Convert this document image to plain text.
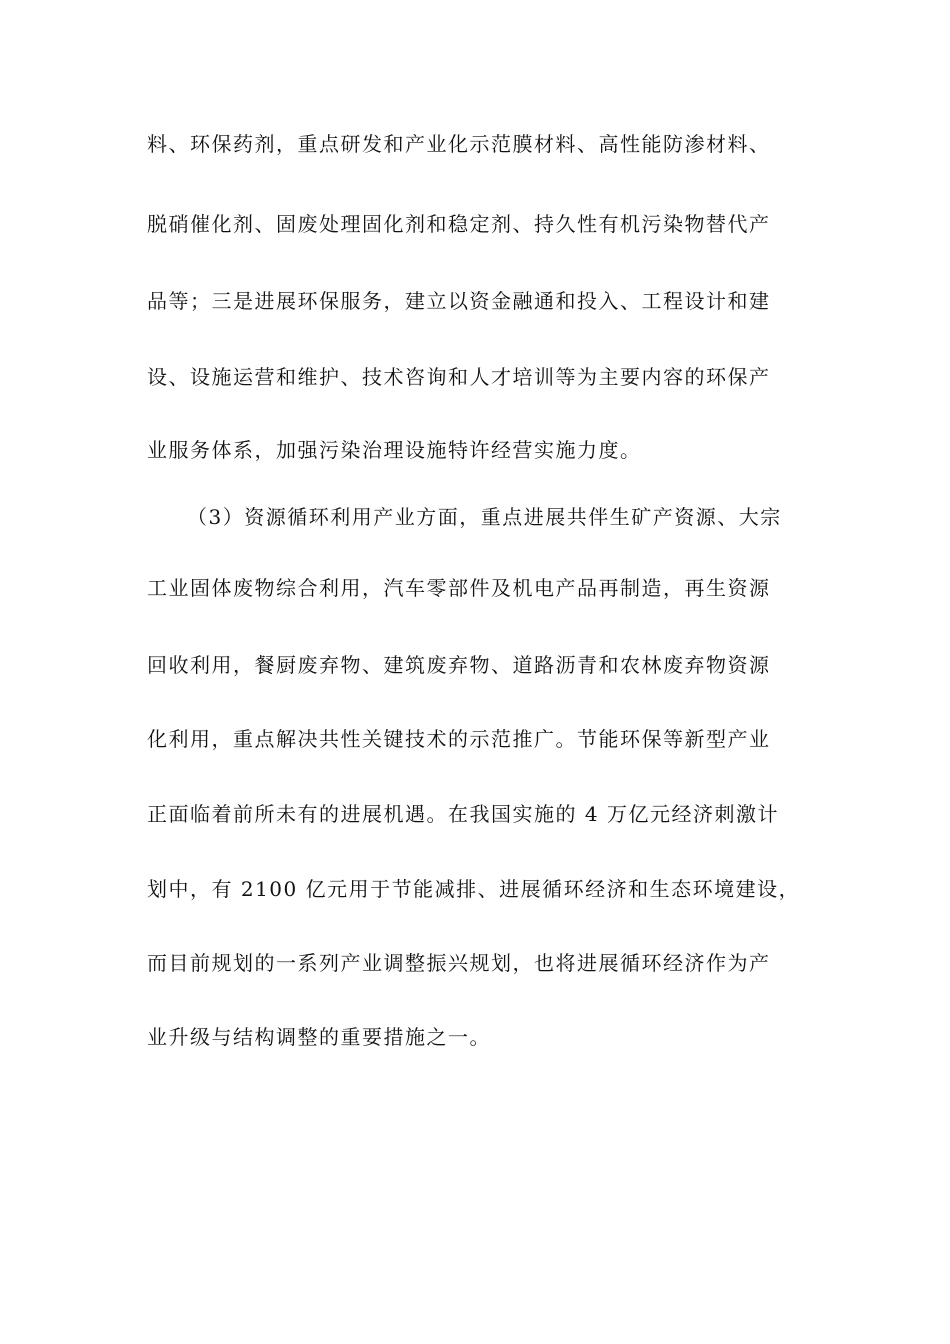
料、环保药剂，重点研发和产业化示范膜材料、高性能防渗材料、
脱硝催化剂、固废处理固化剂和稳定剂、持久性有机污染物替代产
品等；三是进展环保服务，建立以资金融通和投入、工程设计和建
设、设施运营和维护、技术咨询和人才培训等为主要内容的环保产
业服务体系，加强污染治理设施特许经营实施力度。
（3）资源循环利用产业方面，重点进展共伴生矿产资源、大宗
工业固体废物综合利用，汽车零部件及机电产品再制造，再生资源
回收利用，餐厨废弃物、建筑废弃物、道路沥青和农林废弃物资源
化利用，重点解决共性关键技术的示范推广。节能环保等新型产业
正面临着前所未有的进展机遇。在我国实施的 4 万亿元经济刺激计
划中，有 2100 亿元用于节能减排、进展循环经济和生态环境建设，
而目前规划的一系列产业调整振兴规划，也将进展循环经济作为产
业升级与结构调整的重要措施之一。
